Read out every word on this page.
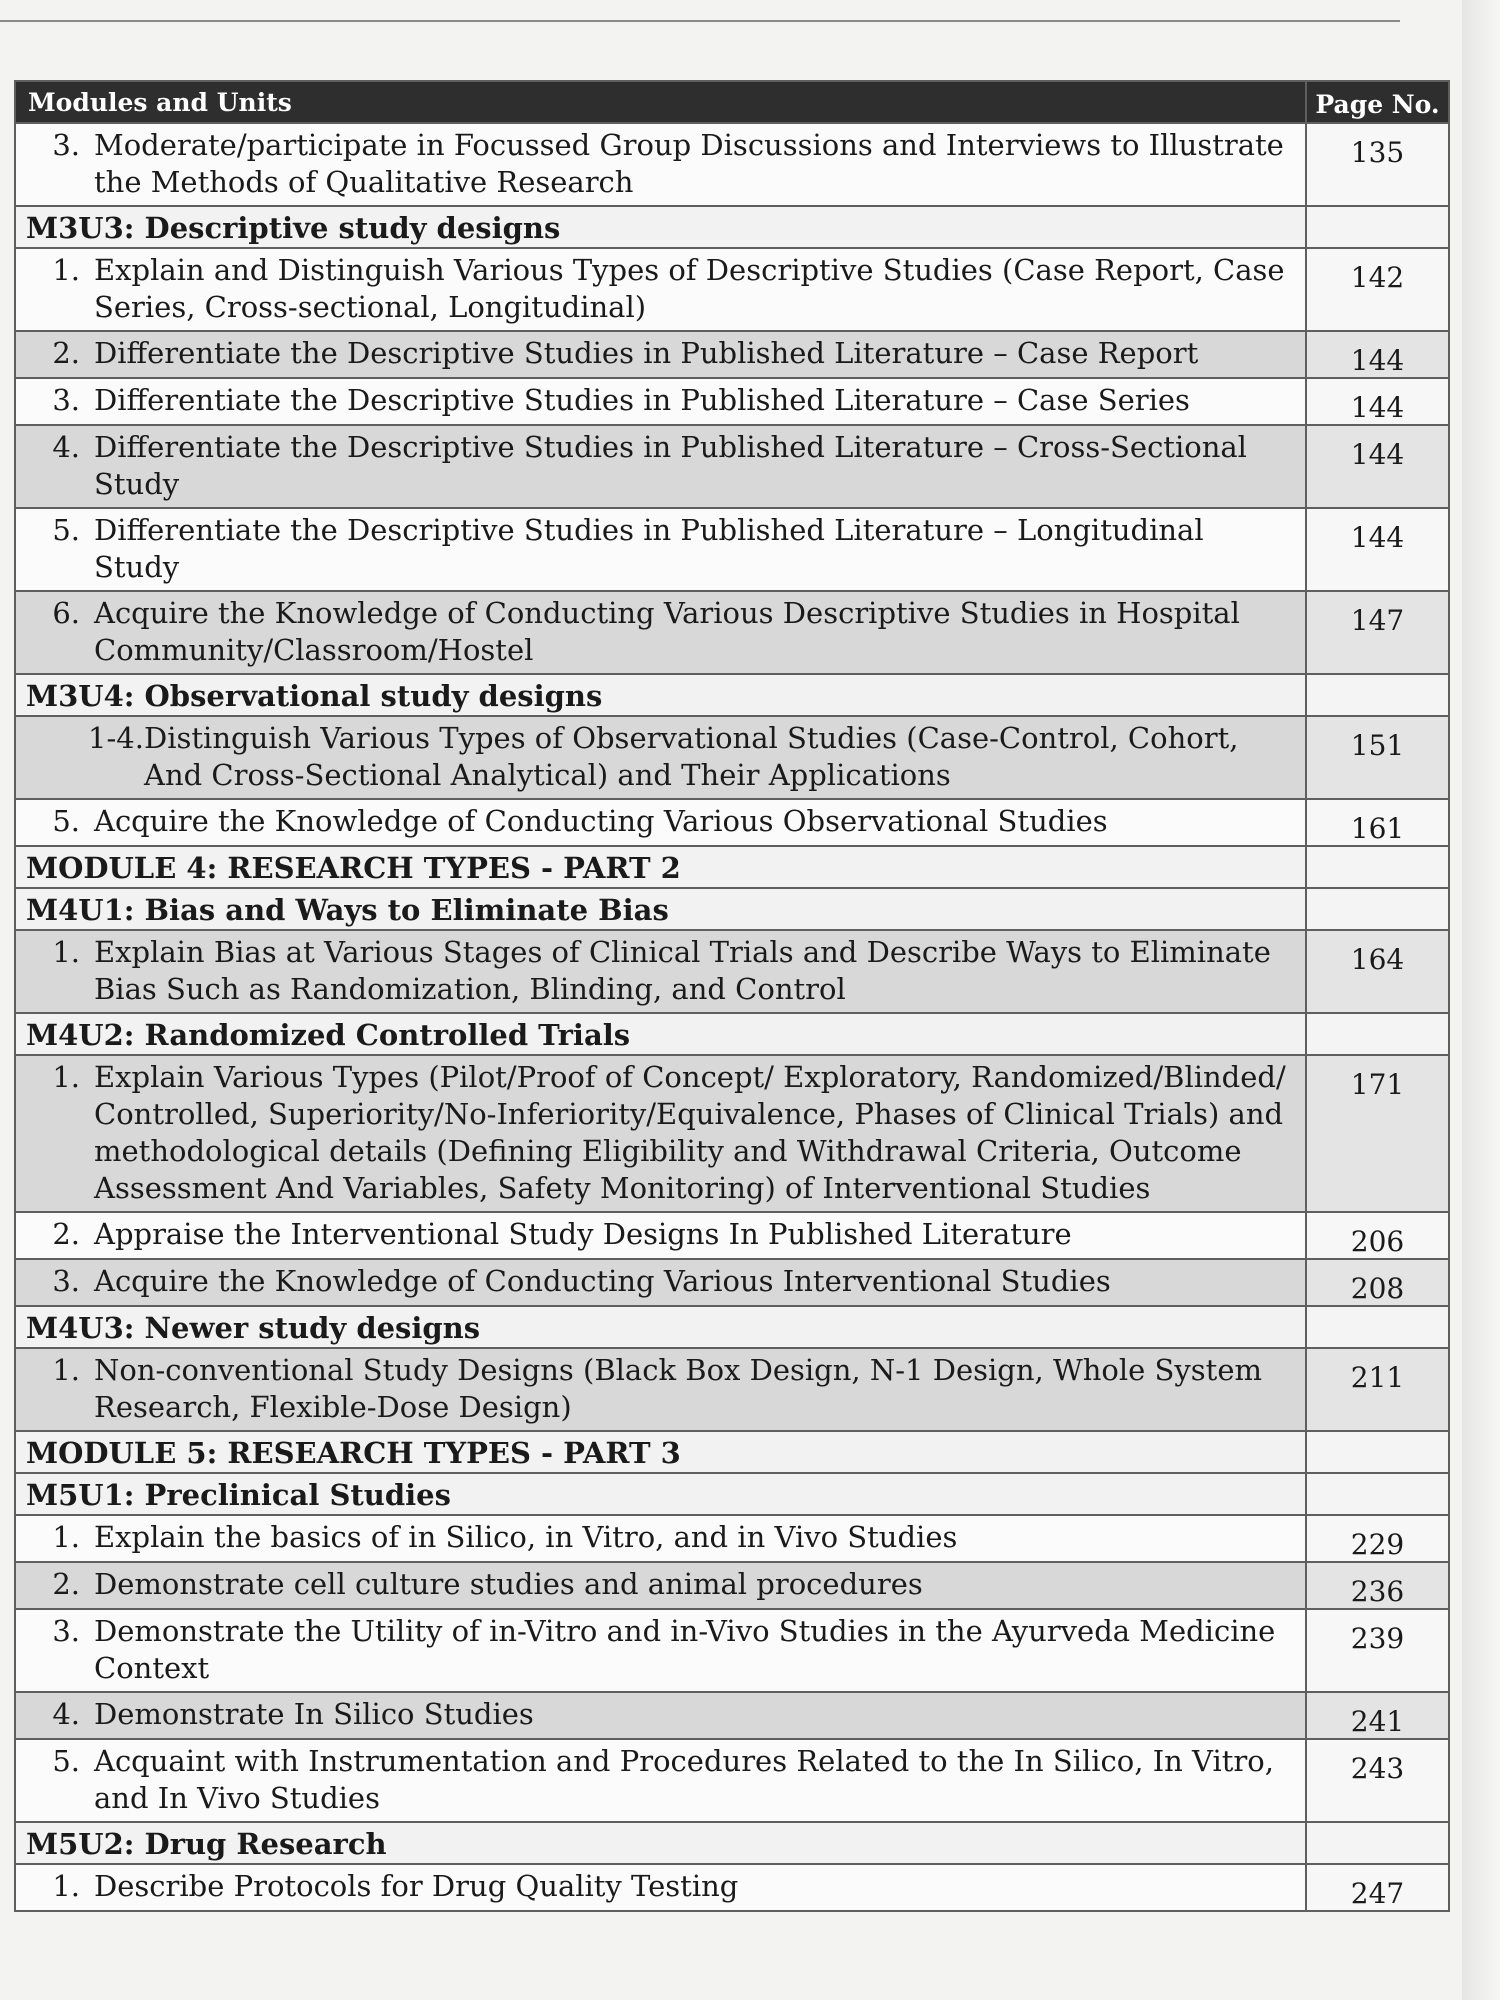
Modules and Units	Page No.

3. Moderate/participate in Focussed Group Discussions and Interviews to Illustrate the Methods of Qualitative Research	135
M3U3: Descriptive study designs	

1. Explain and Distinguish Various Types of Descriptive Studies (Case Report, Case Series, Cross-sectional, Longitudinal)	142

2. Differentiate the Descriptive Studies in Published Literature – Case Report	144

3. Differentiate the Descriptive Studies in Published Literature – Case Series	144

4. Differentiate the Descriptive Studies in Published Literature – Cross-Sectional Study	144

5. Differentiate the Descriptive Studies in Published Literature – Longitudinal Study	144

6. Acquire the Knowledge of Conducting Various Descriptive Studies in Hospital Community/Classroom/Hostel	147
M3U4: Observational study designs	

1-4. Distinguish Various Types of Observational Studies (Case-Control, Cohort, And Cross-Sectional Analytical) and Their Applications	151

5. Acquire the Knowledge of Conducting Various Observational Studies	161
MODULE 4: RESEARCH TYPES - PART 2	
M4U1: Bias and Ways to Eliminate Bias	

1. Explain Bias at Various Stages of Clinical Trials and Describe Ways to Eliminate Bias Such as Randomization, Blinding, and Control	164
M4U2: Randomized Controlled Trials	

1. Explain Various Types (Pilot/Proof of Concept/ Exploratory, Randomized/Blinded/ Controlled, Superiority/No-Inferiority/Equivalence, Phases of Clinical Trials) and methodological details (Defining Eligibility and Withdrawal Criteria, Outcome Assessment And Variables, Safety Monitoring) of Interventional Studies	171

2. Appraise the Interventional Study Designs In Published Literature	206

3. Acquire the Knowledge of Conducting Various Interventional Studies	208
M4U3: Newer study designs	

1. Non-conventional Study Designs (Black Box Design, N-1 Design, Whole System Research, Flexible-Dose Design)	211
MODULE 5: RESEARCH TYPES - PART 3	
M5U1: Preclinical Studies	

1. Explain the basics of in Silico, in Vitro, and in Vivo Studies	229

2. Demonstrate cell culture studies and animal procedures	236

3. Demonstrate the Utility of in-Vitro and in-Vivo Studies in the Ayurveda Medicine Context	239

4. Demonstrate In Silico Studies	241

5. Acquaint with Instrumentation and Procedures Related to the In Silico, In Vitro, and In Vivo Studies	243
M5U2: Drug Research	

1. Describe Protocols for Drug Quality Testing	247
